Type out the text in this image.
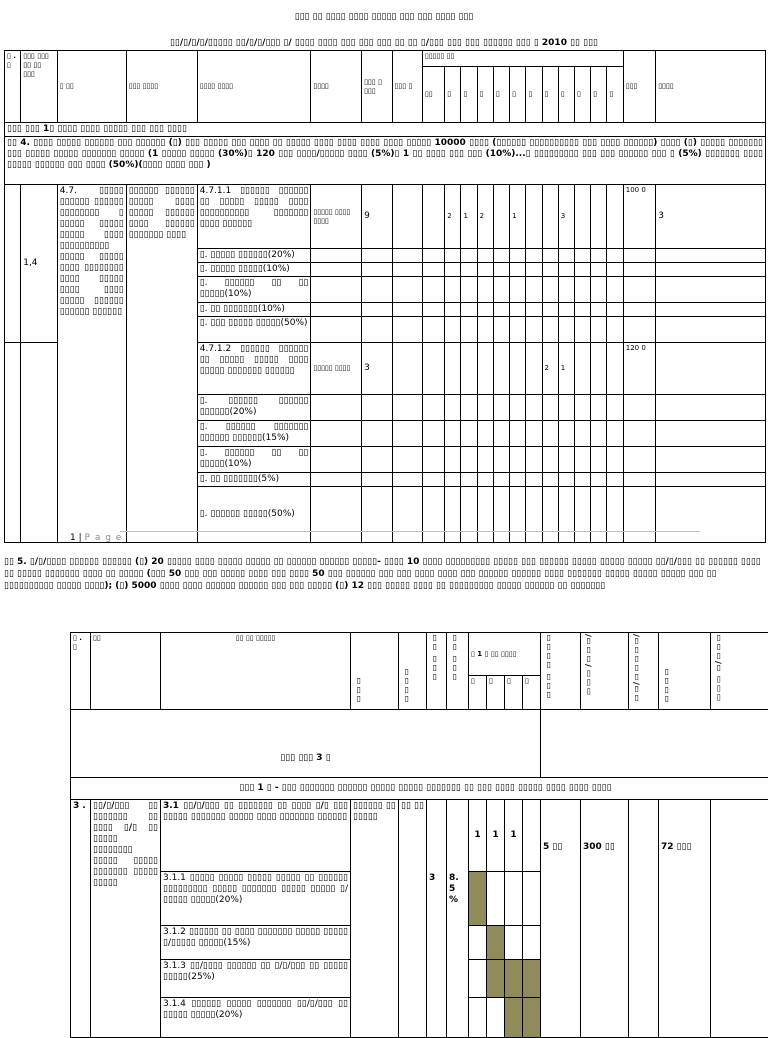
▯▯▯ ▯▯ ▯▯▯▯ ▯▯▯▯ ▯▯▯▯▯ ▯▯▯ ▯▯▯ ▯▯▯▯ ▯▯▯
▯▯/▯/▯/▯/▯▯▯▯▯ ▯▯/▯/▯/▯▯▯ ▯/ ▯▯▯▯ ▯▯▯▯ ▯▯▯ ▯▯▯ ▯▯▯ ▯▯ ▯▯ ▯/▯▯▯ ▯▯▯ ▯▯▯ ▯▯▯▯▯▯ ▯▯▯ ▯ 2010 ▯▯ ▯▯▯
▯ . ▯	▯▯▯ ▯▯▯ ▯▯ ▯▯ ▯▯▯	▯ ▯▯	▯▯▯ ▯▯▯▯	▯▯▯▯ ▯▯▯▯	▯▯▯▯	▯▯▯ ▯ ▯▯▯	▯▯▯ ▯	▯▯▯▯▯ ▯▯												▯▯▯	▯▯▯▯
								▯▯	▯	▯	▯	▯	▯	▯	▯	▯	▯	▯	▯		
▯▯▯ ▯▯▯ 1▯ ▯▯▯▯ ▯▯▯▯ ▯▯▯▯▯ ▯▯▯ ▯▯▯ ▯▯▯▯																					
▯▯ 4. ▯▯▯▯ ▯▯▯▯▯ ▯▯▯▯▯▯ ▯▯▯ ▯▯▯▯▯▯ (▯) ▯▯▯ ▯▯▯▯▯ ▯▯▯ ▯▯▯▯ ▯▯ ▯▯▯▯▯ ▯▯▯▯ ▯▯▯▯ ▯▯▯▯ ▯▯▯▯ ▯▯▯▯▯ 10000 ▯▯▯▯ (▯▯▯▯▯▯ ▯▯▯▯▯▯▯▯▯▯ ▯▯▯ ▯▯▯▯ ▯▯▯▯▯▯) ▯▯▯▯ (▯) ▯▯▯▯▯ ▯▯▯▯▯▯▯ ▯▯▯ ▯▯▯▯▯ ▯▯▯▯▯ ▯▯▯▯▯▯▯ ▯▯▯▯▯ (1 ▯▯▯▯▯ ▯▯▯▯▯ (30%)▯ 120 ▯▯▯ ▯▯▯▯/▯▯▯▯▯ ▯▯▯▯ (5%)▯ 1 ▯▯ ▯▯▯▯ ▯▯▯ ▯▯▯ (10%)...▯ ▯▯▯▯▯▯▯▯▯ ▯▯▯ ▯▯▯ ▯▯▯▯▯▯ ▯▯▯ ▯ (5%) ▯▯▯▯▯▯▯ ▯▯▯▯ ▯▯▯▯▯ ▯▯▯▯▯▯ ▯▯▯ ▯▯▯▯ (50%)(▯▯▯▯ ▯▯▯▯ ▯▯▯ )																					
	1,4	4.7. ▯▯▯▯▯ ▯▯▯▯▯▯ ▯▯▯▯▯▯ ▯▯▯▯▯▯▯▯ ▯ ▯▯▯▯▯ ▯▯▯▯▯ ▯▯▯▯▯ ▯▯▯▯ ▯▯▯▯▯▯▯▯▯▯ ▯▯▯▯▯ ▯▯▯▯▯ ▯▯▯▯ ▯▯▯▯▯▯▯▯ ▯▯▯▯ ▯▯▯▯▯ ▯▯▯▯ ▯▯▯▯ ▯▯▯▯▯ ▯▯▯▯▯▯ ▯▯▯▯▯▯ ▯▯▯▯▯▯	▯▯▯▯▯▯ ▯▯▯▯▯▯ ▯▯▯▯▯ ▯▯▯▯ ▯▯▯▯▯ ▯▯▯▯▯▯ ▯▯▯▯ ▯▯▯▯▯▯ ▯▯▯▯▯▯▯ ▯▯▯▯	4.7.1.1 ▯▯▯▯▯▯ ▯▯▯▯▯▯ ▯▯ ▯▯▯▯▯ ▯▯▯▯▯ ▯▯▯▯ ▯▯▯▯▯▯▯▯▯▯ ▯▯▯▯▯▯▯ ▯▯▯▯ ▯▯▯▯▯▯	▯▯▯▯▯ ▯▯▯▯ ▯▯▯▯	9			2	1	2		1			3				100 0	3
				▯. ▯▯▯▯▯ ▯▯▯▯▯▯(20%)																	
				▯. ▯▯▯▯▯ ▯▯▯▯▯(10%)																	
				▯. ▯▯▯▯▯▯ ▯▯ ▯▯ ▯▯▯▯▯(10%)																	
				▯. ▯▯ ▯▯▯▯▯▯▯(10%)																	
				▯. ▯▯▯ ▯▯▯▯▯ ▯▯▯▯▯(50%)																	
				4.7.1.2 ▯▯▯▯▯▯ ▯▯▯▯▯▯ ▯▯ ▯▯▯▯▯ ▯▯▯▯▯ ▯▯▯▯ ▯▯▯▯▯ ▯▯▯▯▯▯▯ ▯▯▯▯▯▯	▯▯▯▯▯ ▯▯▯▯	3									2	1				120 0	
				▯. ▯▯▯▯▯▯ ▯▯▯▯▯▯ ▯▯▯▯▯▯(20%)																	
				▯. ▯▯▯▯▯▯ ▯▯▯▯▯▯▯ ▯▯▯▯▯▯ ▯▯▯▯▯▯(15%)																	
				▯. ▯▯▯▯▯▯ ▯▯ ▯▯ ▯▯▯▯▯(10%)																	
				▯. ▯▯ ▯▯▯▯▯▯▯(5%)																	
				▯. ▯▯▯▯▯▯ ▯▯▯▯▯(50%)																	
1 | P a g e
▯▯ 5. ▯/▯/▯▯▯▯ ▯▯▯▯▯▯ ▯▯▯▯▯▯ (▯) 20 ▯▯▯▯▯ ▯▯▯▯ ▯▯▯▯▯ ▯▯▯▯▯ ▯▯ ▯▯▯▯▯▯ ▯▯▯▯▯▯ ▯▯▯▯▯- ▯▯▯▯ 10 ▯▯▯▯ ▯▯▯▯▯▯▯▯▯ ▯▯▯▯▯ ▯▯▯ ▯▯▯▯▯▯ ▯▯▯▯▯ ▯▯▯▯▯ ▯▯▯▯▯ ▯▯/▯/▯▯▯ ▯▯ ▯▯▯▯▯▯ ▯▯▯▯ ▯▯ ▯▯▯▯▯ ▯▯▯▯▯▯▯ ▯▯▯▯ ▯▯ ▯▯▯▯▯ (▯▯▯ 50 ▯▯▯ ▯▯▯ ▯▯▯▯▯ ▯▯▯▯ ▯▯▯ ▯▯▯▯ 50 ▯▯▯ ▯▯▯▯▯▯ ▯▯▯ ▯▯▯ ▯▯▯▯ ▯▯▯▯ ▯▯▯ ▯▯▯▯▯▯ ▯▯▯▯▯▯ ▯▯▯▯ ▯▯▯▯▯▯▯ ▯▯▯▯▯ ▯▯▯▯▯ ▯▯▯▯▯ ▯▯▯ ▯▯ ▯▯▯▯▯▯▯▯▯▯ ▯▯▯▯▯ ▯▯▯▯); (▯) 5000 ▯▯▯▯ ▯▯▯▯ ▯▯▯▯▯▯ ▯▯▯▯▯▯ ▯▯▯ ▯▯▯ ▯▯▯▯▯ (▯) 12 ▯▯▯ ▯▯▯▯▯ ▯▯▯▯ ▯▯ ▯▯▯▯▯▯▯▯▯ ▯▯▯▯▯ ▯▯▯▯▯▯ ▯▯ ▯▯▯▯▯▯▯
▯ . ▯	▯▯	▯▯ ▯▯ ▯▯▯▯▯	▯▯▯	▯▯▯▯	▯▯▯ ▯▯	▯▯▯ ▯▯	▯ 1 ▯ ▯▯ ▯▯▯▯				▯▯▯ ▯▯▯▯	▯▯▯ /▯▯▯/	▯▯/▯▯▯▯▯/	▯▯▯▯	▯▯▯ ▯/▯▯▯
							▯	▯	▯	▯					
▯▯▯ ▯▯▯ 3 ▯															
▯▯▯ 1 ▯ - ▯▯▯ ▯▯▯▯▯▯▯ ▯▯▯▯▯▯ ▯▯▯▯▯ ▯▯▯▯▯ ▯▯▯▯▯▯▯ ▯▯ ▯▯▯ ▯▯▯▯ ▯▯▯▯▯ ▯▯▯▯ ▯▯▯▯ ▯▯▯▯															
3 .	▯▯/▯/▯▯▯ ▯▯ ▯▯▯▯▯▯▯ ▯▯ ▯▯▯▯ ▯/▯ ▯▯ ▯▯▯▯▯ ▯▯▯▯▯▯▯▯ ▯▯▯▯▯ ▯▯▯▯▯ ▯▯▯▯▯▯▯ ▯▯▯▯▯ ▯▯▯▯▯	3.1 ▯▯/▯/▯▯▯ ▯▯ ▯▯▯▯▯▯▯ ▯▯ ▯▯▯▯ ▯/▯ ▯▯▯ ▯▯▯▯▯ ▯▯▯▯▯▯▯ ▯▯▯▯▯ ▯▯▯▯ ▯▯▯▯▯▯▯ ▯▯▯▯▯▯	▯▯▯▯▯▯ ▯▯ ▯▯▯▯▯	▯▯ ▯▯	3	8. 5 %	1	1	1		5 ▯▯	300 ▯▯		72 ▯▯▯	
		3.1.1 ▯▯▯▯▯ ▯▯▯▯▯ ▯▯▯▯▯ ▯▯▯▯▯ ▯▯ ▯▯▯▯▯▯ ▯▯▯▯▯▯▯▯▯ ▯▯▯▯▯ ▯▯▯▯▯▯▯ ▯▯▯▯▯ ▯▯▯▯▯ ▯/▯▯▯▯▯ ▯▯▯▯▯(20%)													
		3.1.2 ▯▯▯▯▯▯ ▯▯ ▯▯▯▯ ▯▯▯▯▯▯▯ ▯▯▯▯▯ ▯▯▯▯▯ ▯/▯▯▯▯▯ ▯▯▯▯▯(15%)													
		3.1.3 ▯▯/▯▯▯▯ ▯▯▯▯▯▯ ▯▯ ▯/▯/▯▯▯ ▯▯ ▯▯▯▯▯ ▯▯▯▯▯(25%)													
		3.1.4 ▯▯▯▯▯▯ ▯▯▯▯▯ ▯▯▯▯▯▯▯ ▯▯/▯/▯▯▯ ▯▯ ▯▯▯▯▯ ▯▯▯▯▯(20%)													
